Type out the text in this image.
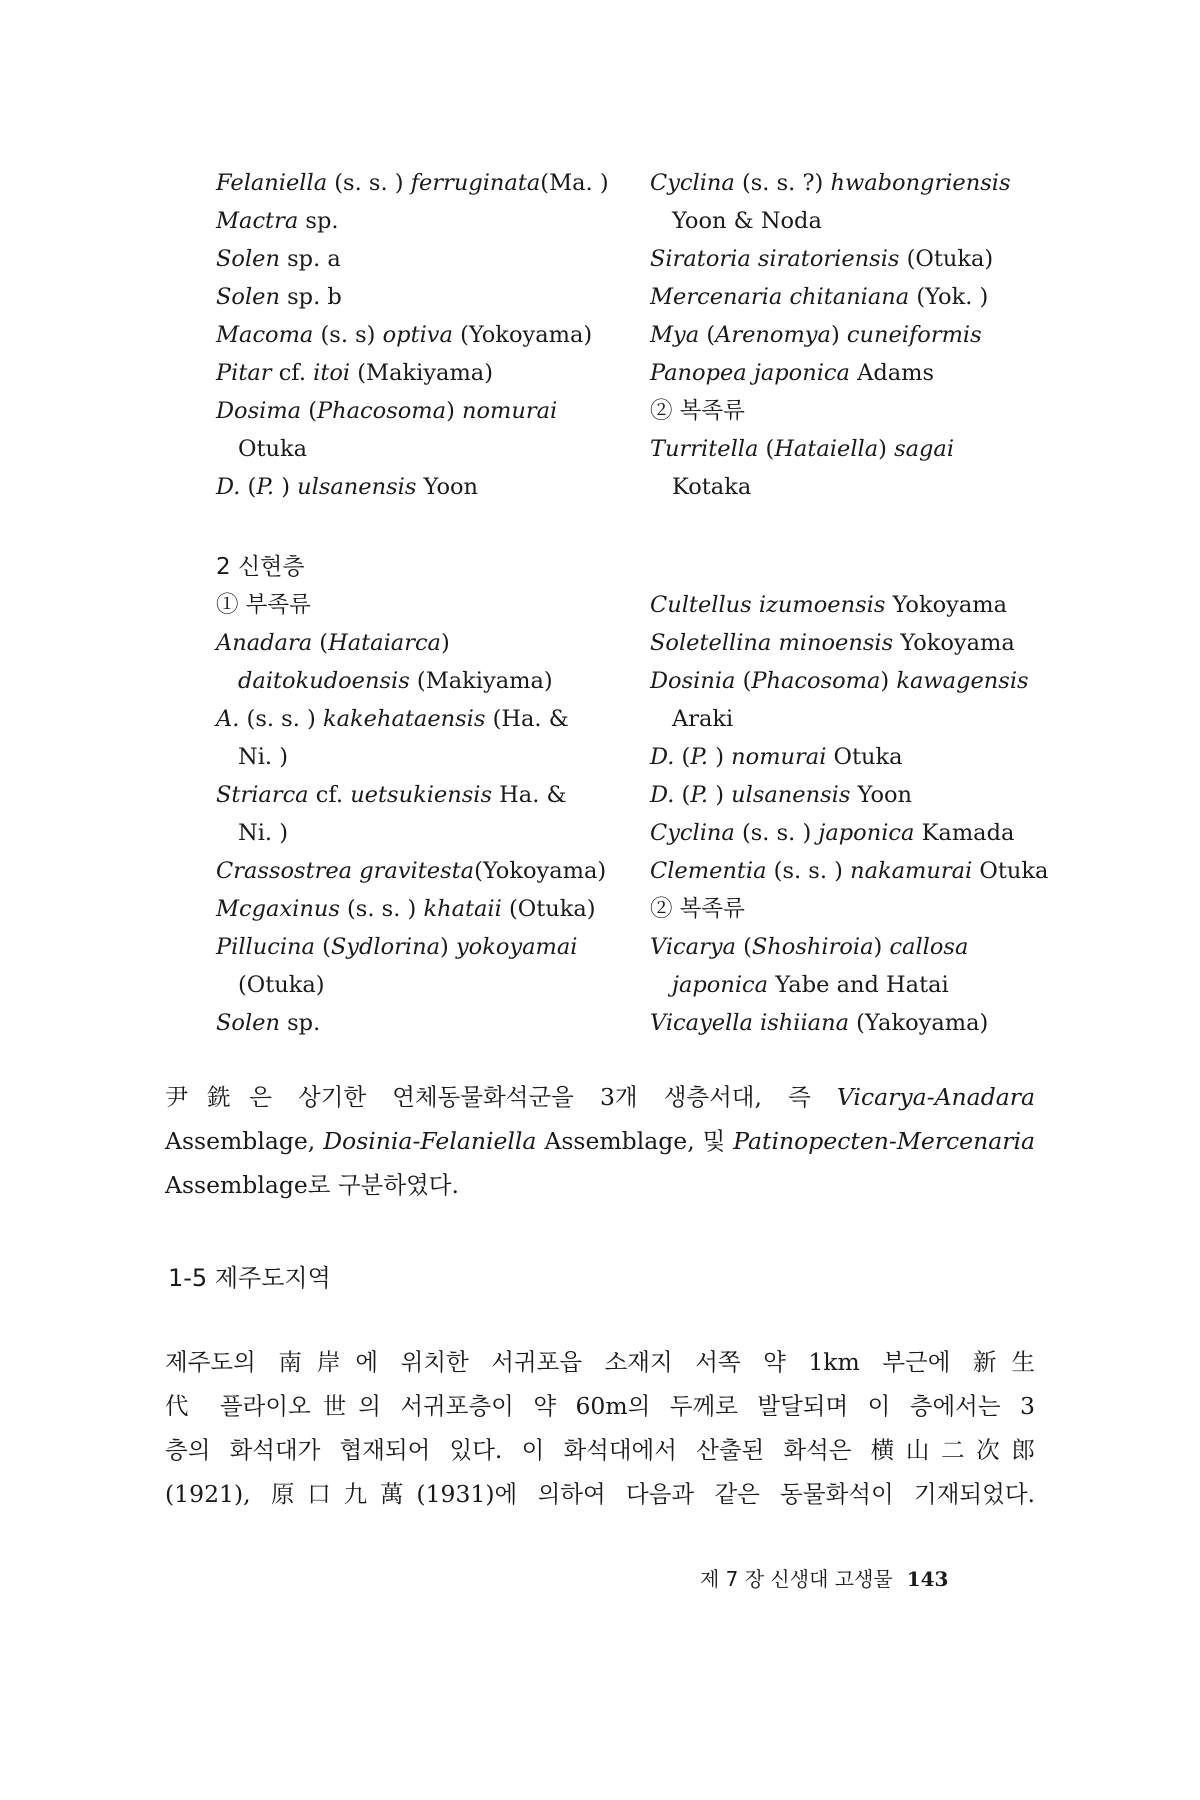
Felaniella (s. s. ) ferruginata(Ma. )
Mactra sp.
Solen sp. a
Solen sp. b
Macoma (s. s) optiva (Yokoyama)
Pitar cf. itoi (Makiyama)
Dosima (Phacosoma) nomurai
Otuka
D. (P. ) ulsanensis Yoon
Cyclina (s. s. ?) hwabongriensis
Yoon & Noda
Siratoria siratoriensis (Otuka)
Mercenaria chitaniana (Yok. )
Mya (Arenomya) cuneiformis
Panopea japonica Adams
② 복족류
Turritella (Hataiella) sagai
Kotaka
2 신현층
① 부족류
Anadara (Hataiarca)
daitokudoensis (Makiyama)
A. (s. s. ) kakehataensis (Ha. &
Ni. )
Striarca cf. uetsukiensis Ha. &
Ni. )
Crassostrea gravitesta(Yokoyama)
Mcgaxinus (s. s. ) khataii (Otuka)
Pillucina (Sydlorina) yokoyamai
(Otuka)
Solen sp.
Cultellus izumoensis Yokoyama
Soletellina minoensis Yokoyama
Dosinia (Phacosoma) kawagensis
Araki
D. (P. ) nomurai Otuka
D. (P. ) ulsanensis Yoon
Cyclina (s. s. ) japonica Kamada
Clementia (s. s. ) nakamurai Otuka
② 복족류
Vicarya (Shoshiroia) callosa
japonica Yabe and Hatai
Vicayella ishiiana (Yakoyama)
尹銑은 상기한 연체동물화석군을 3개 생층서대, 즉 Vicarya-Anadara
Assemblage, Dosinia-Felaniella Assemblage, 및 Patinopecten-Mercenaria
Assemblage로 구분하였다.
1-5 제주도지역
제주도의 南岸에 위치한 서귀포읍 소재지 서쪽 약 1km 부근에 新生
代 플라이오世의 서귀포층이 약 60m의 두께로 발달되며 이 층에서는 3
층의 화석대가 협재되어 있다. 이 화석대에서 산출된 화석은 横山二次郎
(1921), 原口九萬(1931)에 의하여 다음과 같은 동물화석이 기재되었다.
제 7 장 신생대 고생물 143
